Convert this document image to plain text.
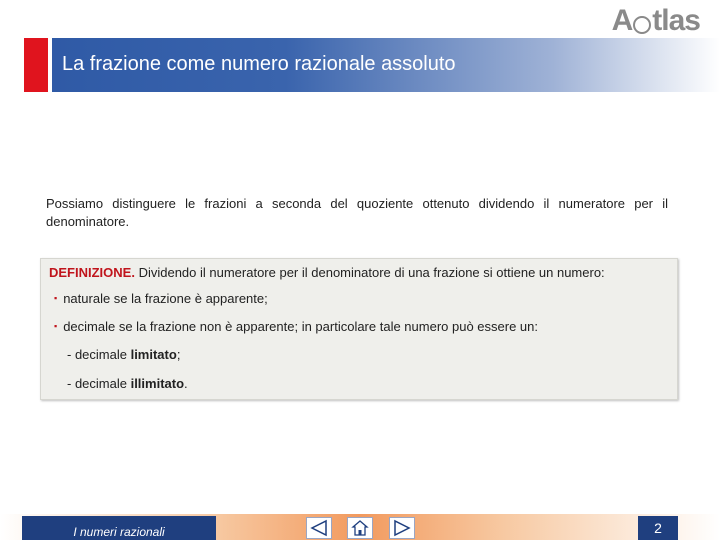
A tlas
La frazione come numero razionale assoluto
Possiamo distinguere le frazioni a seconda del quoziente ottenuto dividendo il numeratore per il denominatore.
DEFINIZIONE. Dividendo il numeratore per il denominatore di una frazione si ottiene un numero:
▪ naturale se la frazione è apparente;
▪ decimale se la frazione non è apparente; in particolare tale numero può essere un:
- decimale limitato;
- decimale illimitato.
I numeri razionali	2
